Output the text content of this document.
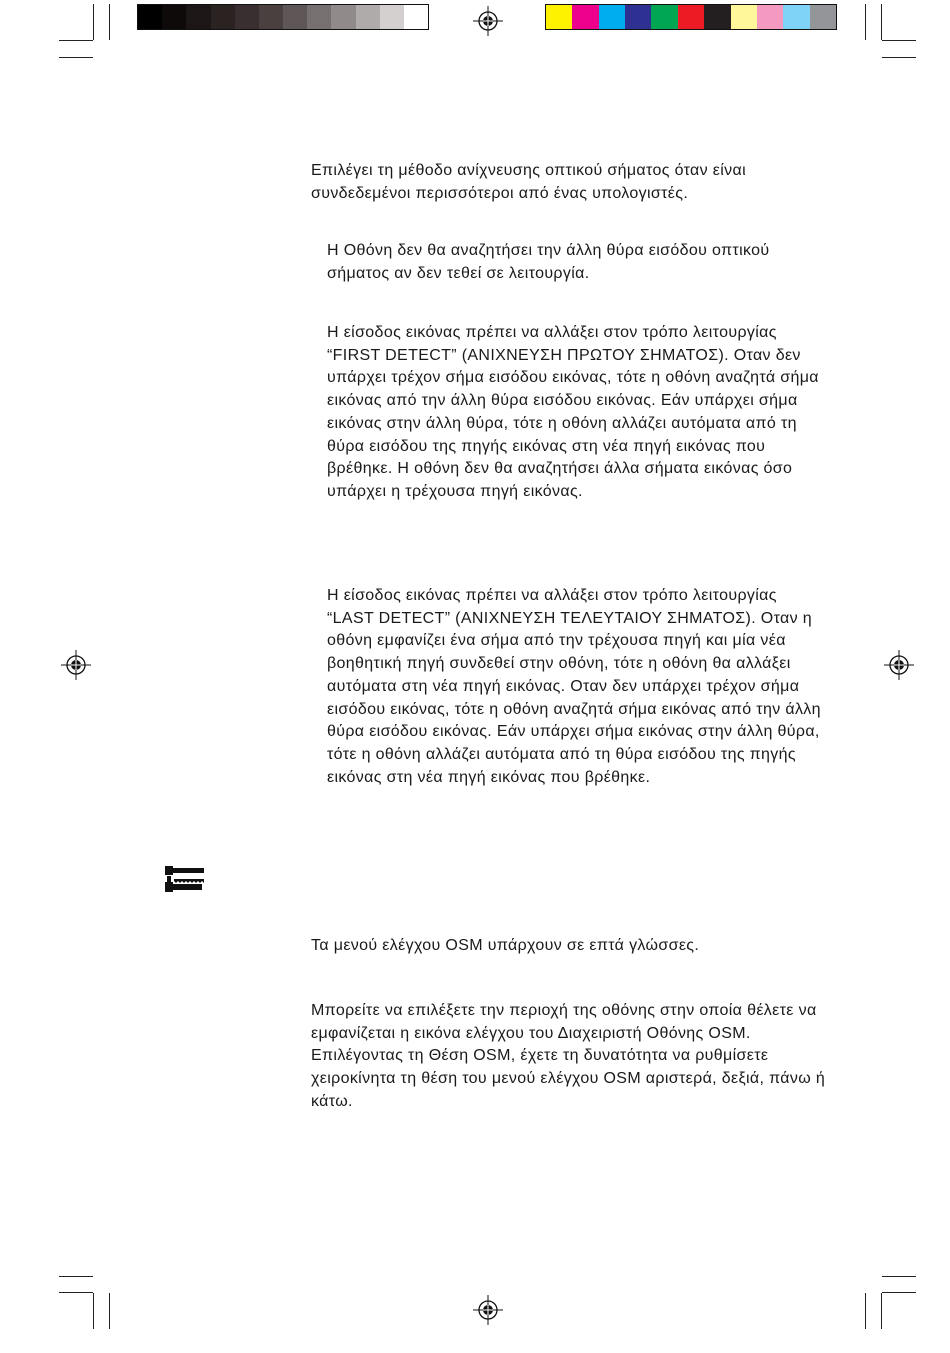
Επιλέγει τη μέθοδο ανίχνευσης οπτικού σήματος όταν είναι συνδεδεμένοι περισσότεροι από ένας υπολογιστές.

Η Οθόνη δεν θα αναζητήσει την άλλη θύρα εισόδου οπτικού σήματος αν δεν τεθεί σε λειτουργία.

Η είσοδος εικόνας πρέπει να αλλάξει στον τρόπο λειτουργίας “FIRST DETECT” (ΑΝΙΧΝΕΥΣΗ ΠΡΩΤΟΥ ΣΗΜΑΤΟΣ). Οταν δεν υπάρχει τρέχον σήμα εισόδου εικόνας, τότε η οθόνη αναζητά σήμα εικόνας από την άλλη θύρα εισόδου εικόνας. Εάν υπάρχει σήμα εικόνας στην άλλη θύρα, τότε η οθόνη αλλάζει αυτόματα από τη θύρα εισόδου της πηγής εικόνας στη νέα πηγή εικόνας που βρέθηκε. Η οθόνη δεν θα αναζητήσει άλλα σήματα εικόνας όσο υπάρχει η τρέχουσα πηγή εικόνας.

Η είσοδος εικόνας πρέπει να αλλάξει στον τρόπο λειτουργίας “LAST DETECT” (ΑΝΙΧΝΕΥΣΗ ΤΕΛΕΥΤΑΙΟΥ ΣΗΜΑΤΟΣ). Οταν η οθόνη εμφανίζει ένα σήμα από την τρέχουσα πηγή και μία νέα βοηθητική πηγή συνδεθεί στην οθόνη, τότε η οθόνη θα αλλάξει αυτόματα στη νέα πηγή εικόνας. Οταν δεν υπάρχει τρέχον σήμα εισόδου εικόνας, τότε η οθόνη αναζητά σήμα εικόνας από την άλλη θύρα εισόδου εικόνας. Εάν υπάρχει σήμα εικόνας στην άλλη θύρα, τότε η οθόνη αλλάζει αυτόματα από τη θύρα εισόδου της πηγής εικόνας στη νέα πηγή εικόνας που βρέθηκε.

Τα μενού ελέγχου OSM υπάρχουν σε επτά γλώσσες.

Μπορείτε να επιλέξετε την περιοχή της οθόνης στην οποία θέλετε να εμφανίζεται η εικόνα ελέγχου του Διαχειριστή Οθόνης OSM. Επιλέγοντας τη Θέση OSM, έχετε τη δυνατότητα να ρυθμίσετε χειροκίνητα τη θέση του μενού ελέγχου OSM αριστερά, δεξιά, πάνω ή κάτω.
